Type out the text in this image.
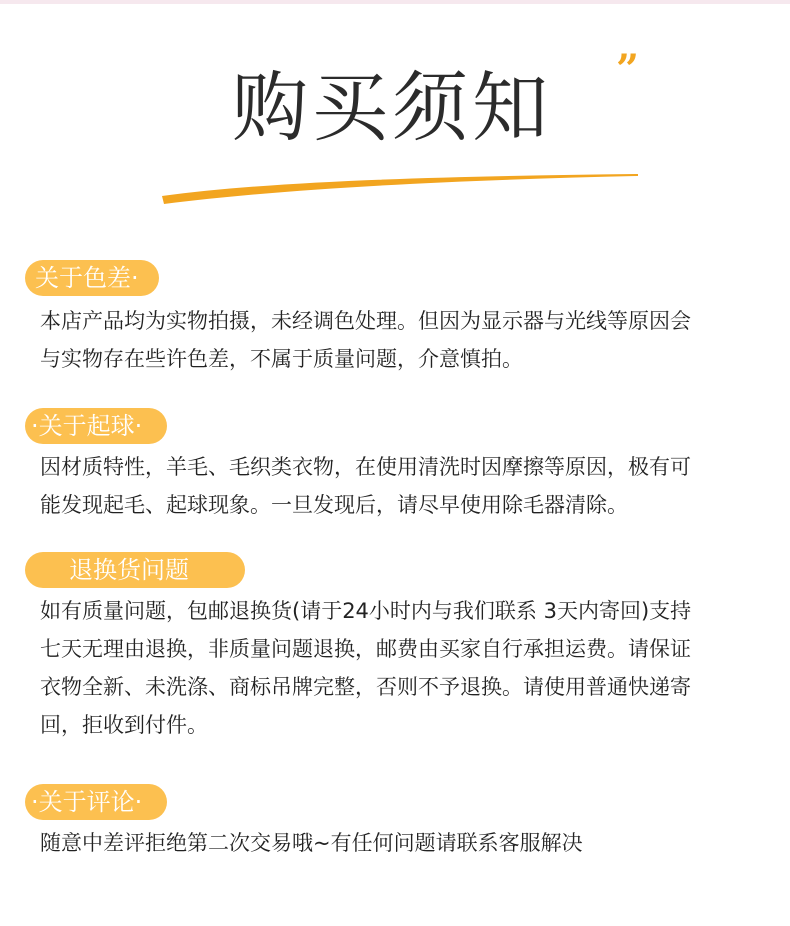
购买须知 ”
关于色差·
本店产品均为实物拍摄，未经调色处理。但因为显示器与光线等原因会
与实物存在些许色差，不属于质量问题，介意慎拍。
·关于起球·
因材质特性，羊毛、毛织类衣物，在使用清洗时因摩擦等原因，极有可
能发现起毛、起球现象。一旦发现后，请尽早使用除毛器清除。
退换货问题
如有质量问题，包邮退换货(请于24小时内与我们联系 3天内寄回)支持
七天无理由退换，非质量问题退换，邮费由买家自行承担运费。请保证
衣物全新、未洗涤、商标吊牌完整，否则不予退换。请使用普通快递寄
回，拒收到付件。
·关于评论·
随意中差评拒绝第二次交易哦~有任何问题请联系客服解决
